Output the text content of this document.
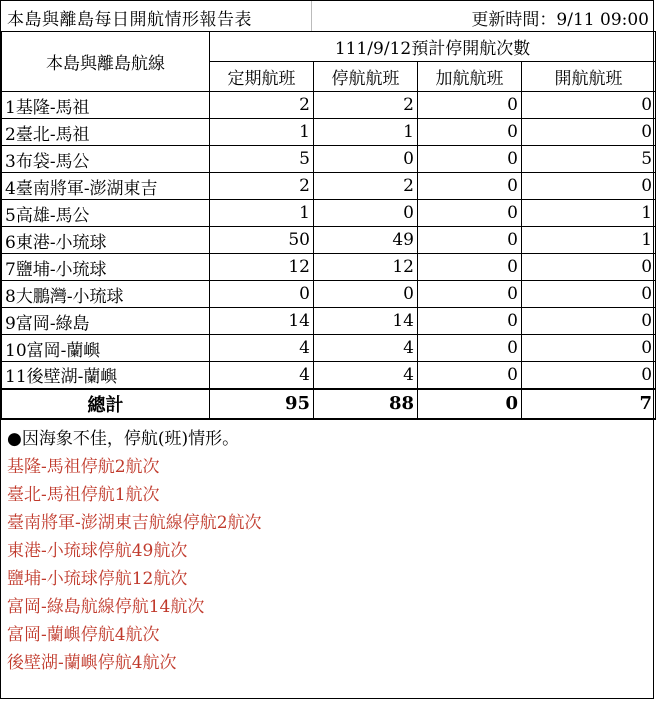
本島與離島每日開航情形報告表	更新時間：9/11 09:00
本島與離島航線	111/9/12預計停開航次數			
	定期航班	停航航班	加航航班	開航航班
1基隆-馬祖	2	2	0	0
2臺北-馬祖	1	1	0	0
3布袋-馬公	5	0	0	5
4臺南將軍-澎湖東吉	2	2	0	0
5高雄-馬公	1	0	0	1
6東港-小琉球	50	49	0	1
7鹽埔-小琉球	12	12	0	0
8大鵬灣-小琉球	0	0	0	0
9富岡-綠島	14	14	0	0
10富岡-蘭嶼	4	4	0	0
11後壁湖-蘭嶼	4	4	0	0
總計	95	88	0	7
●因海象不佳，停航(班)情形。
基隆-馬祖停航2航次
臺北-馬祖停航1航次
臺南將軍-澎湖東吉航線停航2航次
東港-小琉球停航49航次
鹽埔-小琉球停航12航次
富岡-綠島航線停航14航次
富岡-蘭嶼停航4航次
後壁湖-蘭嶼停航4航次
